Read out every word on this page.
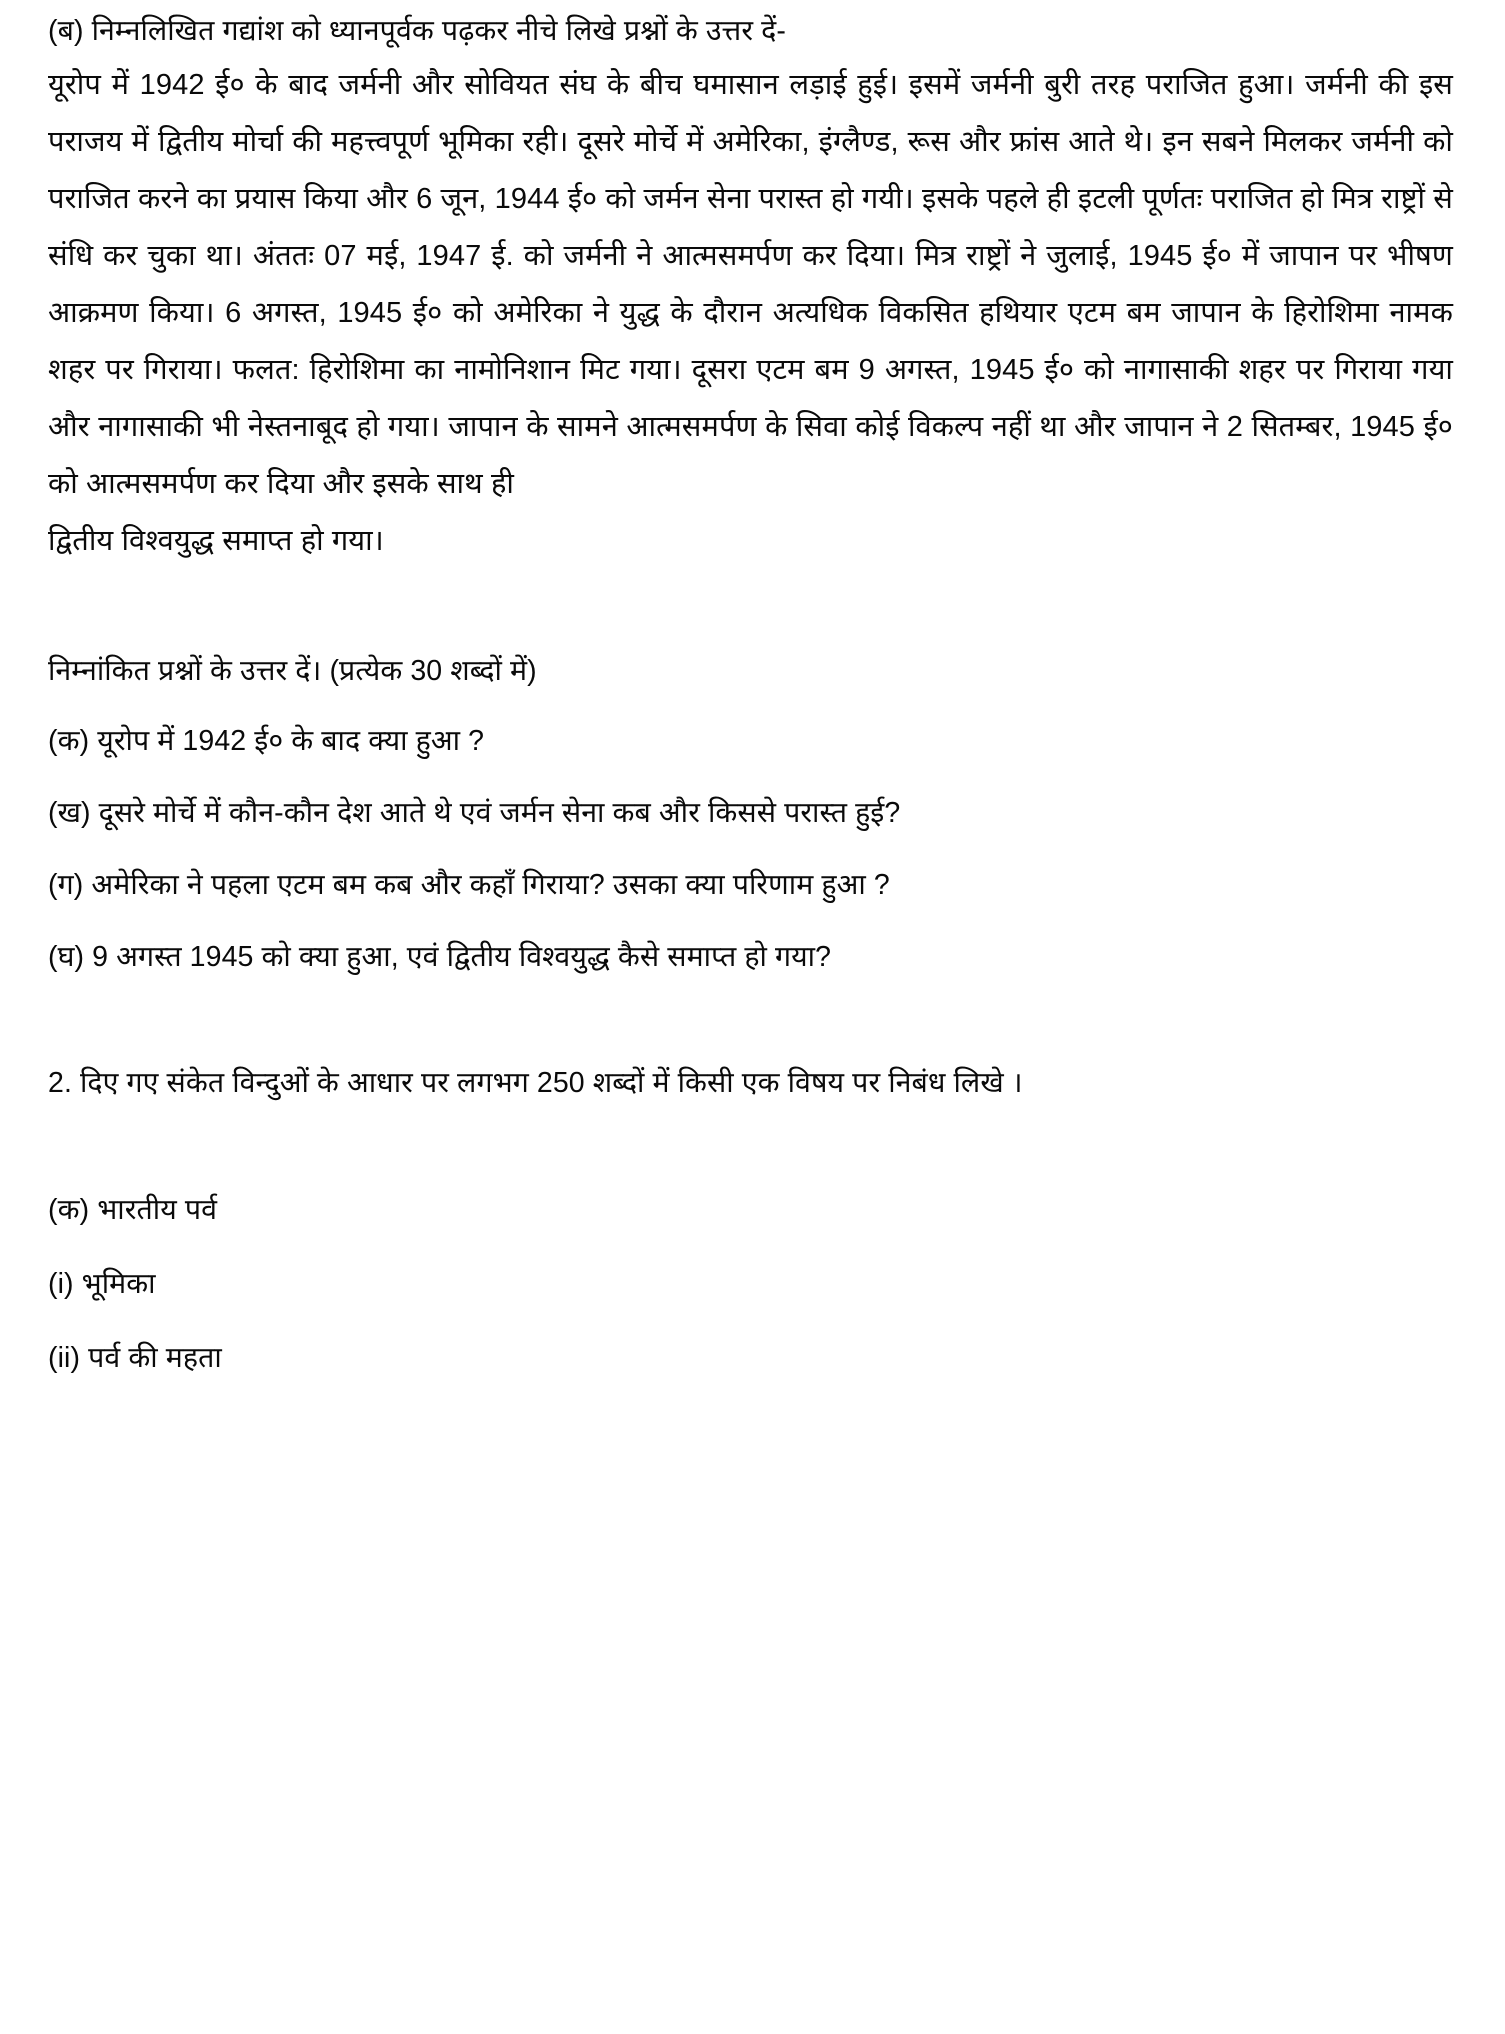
(ब) निम्नलिखित गद्यांश को ध्यानपूर्वक पढ़कर नीचे लिखे प्रश्नों के उत्तर दें-

यूरोप में 1942 ई० के बाद जर्मनी और सोवियत संघ के बीच घमासान लड़ाई हुई। इसमें जर्मनी बुरी तरह पराजित हुआ। जर्मनी की इस पराजय में द्वितीय मोर्चा की महत्त्वपूर्ण भूमिका रही। दूसरे मोर्चे में अमेरिका, इंग्लैण्ड, रूस और फ्रांस आते थे। इन सबने मिलकर जर्मनी को पराजित करने का प्रयास किया और 6 जून, 1944 ई० को जर्मन सेना परास्त हो गयी। इसके पहले ही इटली पूर्णतः पराजित हो मित्र राष्ट्रों से संधि कर चुका था। अंततः 07 मई, 1947 ई. को जर्मनी ने आत्मसमर्पण कर दिया। मित्र राष्ट्रों ने जुलाई, 1945 ई० में जापान पर भीषण आक्रमण किया। 6 अगस्त, 1945 ई० को अमेरिका ने युद्ध के दौरान अत्यधिक विकसित हथियार एटम बम जापान के हिरोशिमा नामक शहर पर गिराया। फलत: हिरोशिमा का नामोनिशान मिट गया। दूसरा एटम बम 9 अगस्त, 1945 ई० को नागासाकी शहर पर गिराया गया और नागासाकी भी नेस्तनाबूद हो गया। जापान के सामने आत्मसमर्पण के सिवा कोई विकल्प नहीं था और जापान ने 2 सितम्बर, 1945 ई० को आत्मसमर्पण कर दिया और इसके साथ ही

द्वितीय विश्वयुद्ध समाप्त हो गया।

निम्नांकित प्रश्नों के उत्तर दें। (प्रत्येक 30 शब्दों में)

(क) यूरोप में 1942 ई० के बाद क्या हुआ ?

(ख) दूसरे मोर्चे में कौन-कौन देश आते थे एवं जर्मन सेना कब और किससे परास्त हुई?

(ग) अमेरिका ने पहला एटम बम कब और कहाँ गिराया? उसका क्या परिणाम हुआ ?

(घ) 9 अगस्त 1945 को क्या हुआ, एवं द्वितीय विश्वयुद्ध कैसे समाप्त हो गया?

2. दिए गए संकेत विन्दुओं के आधार पर लगभग 250 शब्दों में किसी एक विषय पर निबंध लिखे ।

(क) भारतीय पर्व

(i) भूमिका

(ii) पर्व की महता
